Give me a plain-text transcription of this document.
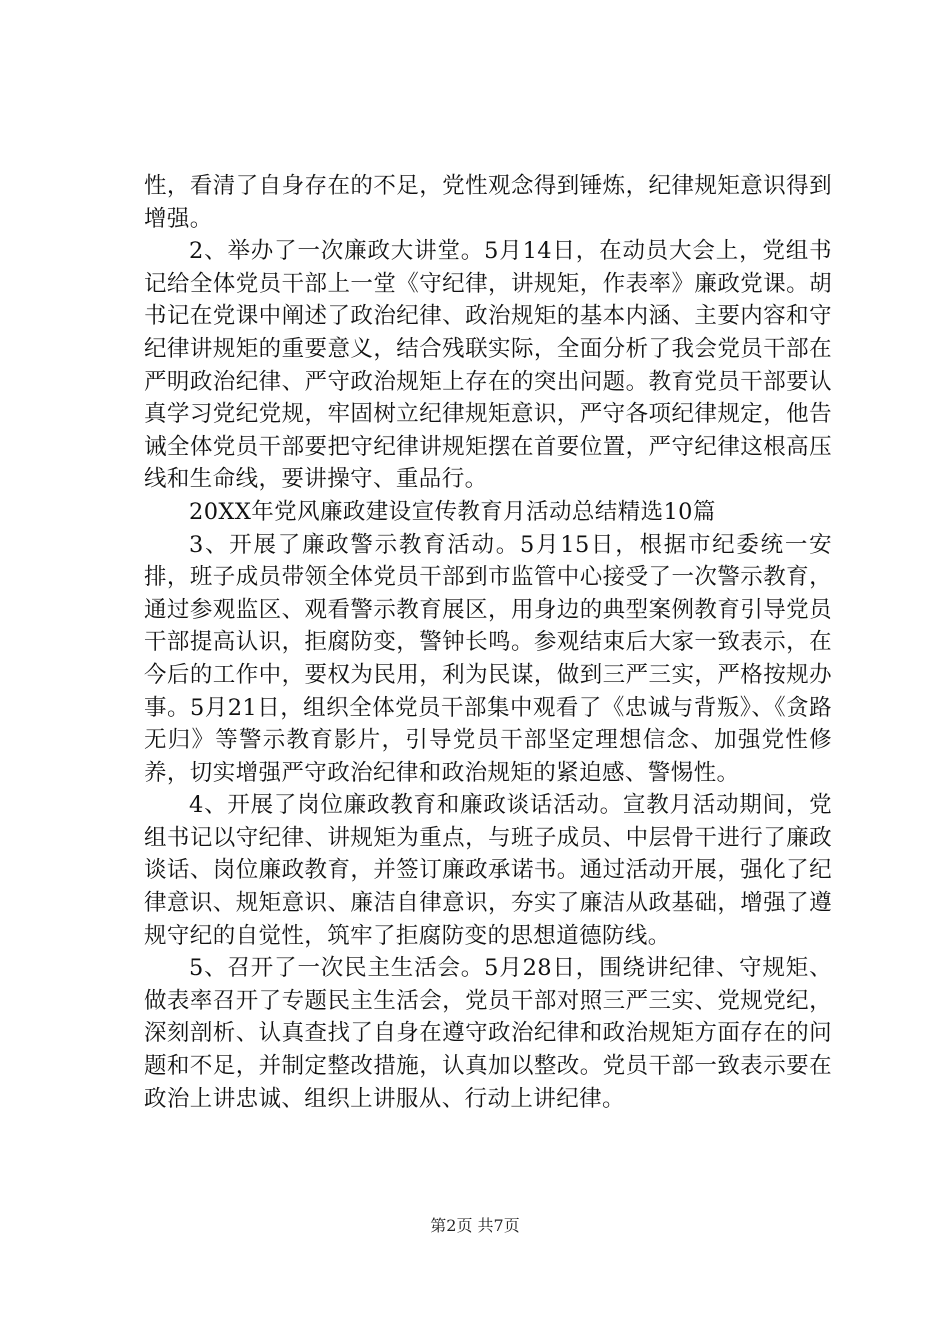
性，看清了自身存在的不足，党性观念得到锤炼，纪律规矩意识得到增强。

2、举办了一次廉政大讲堂。5月14日，在动员大会上，党组书记给全体党员干部上一堂《守纪律，讲规矩，作表率》廉政党课。胡书记在党课中阐述了政治纪律、政治规矩的基本内涵、主要内容和守纪律讲规矩的重要意义，结合残联实际，全面分析了我会党员干部在严明政治纪律、严守政治规矩上存在的突出问题。教育党员干部要认真学习党纪党规，牢固树立纪律规矩意识，严守各项纪律规定，他告诫全体党员干部要把守纪律讲规矩摆在首要位置，严守纪律这根高压线和生命线，要讲操守、重品行。

20XX年党风廉政建设宣传教育月活动总结精选10篇

3、开展了廉政警示教育活动。5月15日，根据市纪委统一安排，班子成员带领全体党员干部到市监管中心接受了一次警示教育，通过参观监区、观看警示教育展区，用身边的典型案例教育引导党员干部提高认识，拒腐防变，警钟长鸣。参观结束后大家一致表示，在今后的工作中，要权为民用，利为民谋，做到三严三实，严格按规办事。5月21日，组织全体党员干部集中观看了《忠诚与背叛》、《贪路无归》等警示教育影片，引导党员干部坚定理想信念、加强党性修养，切实增强严守政治纪律和政治规矩的紧迫感、警惕性。

4、开展了岗位廉政教育和廉政谈话活动。宣教月活动期间，党组书记以守纪律、讲规矩为重点，与班子成员、中层骨干进行了廉政谈话、岗位廉政教育，并签订廉政承诺书。通过活动开展，强化了纪律意识、规矩意识、廉洁自律意识，夯实了廉洁从政基础，增强了遵规守纪的自觉性，筑牢了拒腐防变的思想道德防线。

5、召开了一次民主生活会。5月28日，围绕讲纪律、守规矩、做表率召开了专题民主生活会，党员干部对照三严三实、党规党纪，深刻剖析、认真查找了自身在遵守政治纪律和政治规矩方面存在的问题和不足，并制定整改措施，认真加以整改。党员干部一致表示要在政治上讲忠诚、组织上讲服从、行动上讲纪律。

第2页 共7页
